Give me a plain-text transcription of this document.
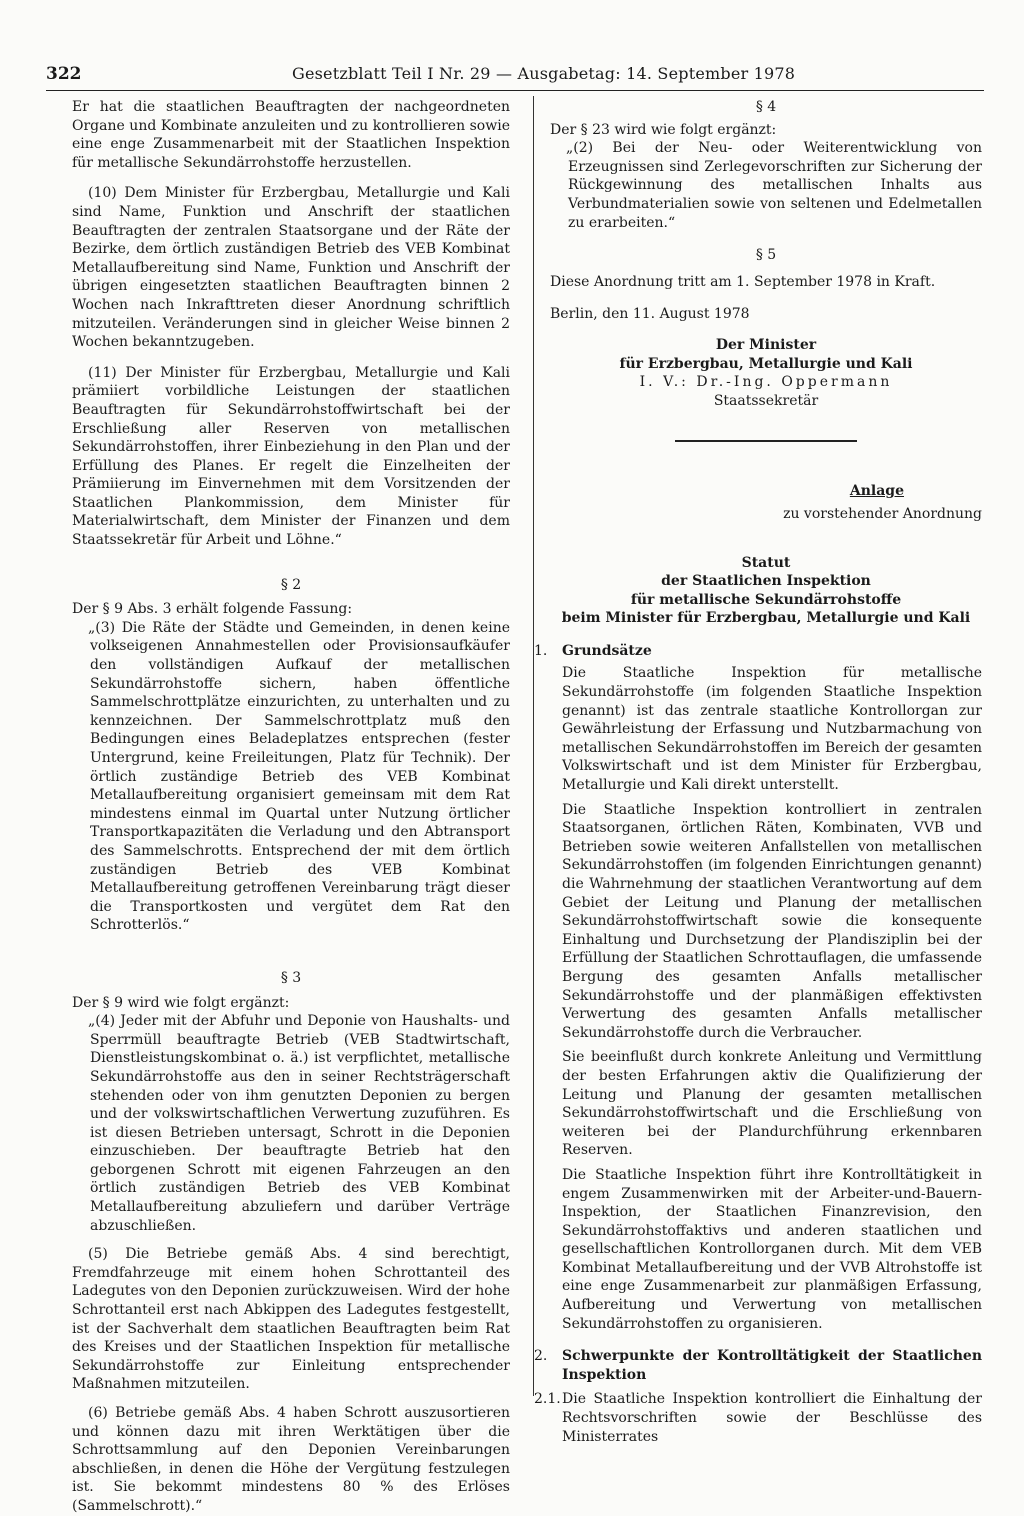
322	Gesetzblatt Teil I Nr. 29 — Ausgabetag: 14. September 1978

Er hat die staatlichen Beauftragten der nachgeordneten Organe und Kombinate anzuleiten und zu kontrollieren sowie eine enge Zusammenarbeit mit der Staatlichen Inspektion für metallische Sekundärrohstoffe herzustellen.

(10) Dem Minister für Erzbergbau, Metallurgie und Kali sind Name, Funktion und Anschrift der staatlichen Beauftragten der zentralen Staatsorgane und der Räte der Bezirke, dem örtlich zuständigen Betrieb des VEB Kombinat Metallaufbereitung sind Name, Funktion und Anschrift der übrigen eingesetzten staatlichen Beauftragten binnen 2 Wochen nach Inkrafttreten dieser Anordnung schriftlich mitzuteilen. Veränderungen sind in gleicher Weise binnen 2 Wochen bekanntzugeben.

(11) Der Minister für Erzbergbau, Metallurgie und Kali prämiiert vorbildliche Leistungen der staatlichen Beauftragten für Sekundärrohstoffwirtschaft bei der Erschließung aller Reserven von metallischen Sekundärrohstoffen, ihrer Einbeziehung in den Plan und der Erfüllung des Planes. Er regelt die Einzelheiten der Prämiierung im Einvernehmen mit dem Vorsitzenden der Staatlichen Plankommission, dem Minister für Materialwirtschaft, dem Minister der Finanzen und dem Staatssekretär für Arbeit und Löhne.“

§ 2

Der § 9 Abs. 3 erhält folgende Fassung:

„(3) Die Räte der Städte und Gemeinden, in denen keine volkseigenen Annahmestellen oder Provisionsaufkäufer den vollständigen Aufkauf der metallischen Sekundärrohstoffe sichern, haben öffentliche Sammelschrottplätze einzurichten, zu unterhalten und zu kennzeichnen. Der Sammelschrottplatz muß den Bedingungen eines Beladeplatzes entsprechen (fester Untergrund, keine Freileitungen, Platz für Technik). Der örtlich zuständige Betrieb des VEB Kombinat Metallaufbereitung organisiert gemeinsam mit dem Rat mindestens einmal im Quartal unter Nutzung örtlicher Transportkapazitäten die Verladung und den Abtransport des Sammelschrotts. Entsprechend der mit dem örtlich zuständigen Betrieb des VEB Kombinat Metallaufbereitung getroffenen Vereinbarung trägt dieser die Transportkosten und vergütet dem Rat den Schrotterlös.“

§ 3

Der § 9 wird wie folgt ergänzt:

„(4) Jeder mit der Abfuhr und Deponie von Haushalts- und Sperrmüll beauftragte Betrieb (VEB Stadtwirtschaft, Dienstleistungskombinat o. ä.) ist verpflichtet, metallische Sekundärrohstoffe aus den in seiner Rechtsträgerschaft stehenden oder von ihm genutzten Deponien zu bergen und der volkswirtschaftlichen Verwertung zuzuführen. Es ist diesen Betrieben untersagt, Schrott in die Deponien einzuschieben. Der beauftragte Betrieb hat den geborgenen Schrott mit eigenen Fahrzeugen an den örtlich zuständigen Betrieb des VEB Kombinat Metallaufbereitung abzuliefern und darüber Verträge abzuschließen.

(5) Die Betriebe gemäß Abs. 4 sind berechtigt, Fremdfahrzeuge mit einem hohen Schrottanteil des Ladegutes von den Deponien zurückzuweisen. Wird der hohe Schrottanteil erst nach Abkippen des Ladegutes festgestellt, ist der Sachverhalt dem staatlichen Beauftragten beim Rat des Kreises und der Staatlichen Inspektion für metallische Sekundärrohstoffe zur Einleitung entsprechender Maßnahmen mitzuteilen.

(6) Betriebe gemäß Abs. 4 haben Schrott auszusortieren und können dazu mit ihren Werktätigen über die Schrottsammlung auf den Deponien Vereinbarungen abschließen, in denen die Höhe der Vergütung festzulegen ist. Sie bekommt mindestens 80 % des Erlöses (Sammelschrott).“

§ 4

Der § 23 wird wie folgt ergänzt:

„(2) Bei der Neu- oder Weiterentwicklung von Erzeugnissen sind Zerlegevorschriften zur Sicherung der Rückgewinnung des metallischen Inhalts aus Verbundmaterialien sowie von seltenen und Edelmetallen zu erarbeiten.“

§ 5

Diese Anordnung tritt am 1. September 1978 in Kraft.

Berlin, den 11. August 1978

Der Minister

für Erzbergbau, Metallurgie und Kali

I. V.: Dr.-Ing. Oppermann

Staatssekretär

Anlage

zu vorstehender Anordnung

Statut

der Staatlichen Inspektion

für metallische Sekundärrohstoffe

beim Minister für Erzbergbau, Metallurgie und Kali

1.	Grundsätze

Die Staatliche Inspektion für metallische Sekundärrohstoffe (im folgenden Staatliche Inspektion genannt) ist das zentrale staatliche Kontrollorgan zur Gewährleistung der Erfassung und Nutzbarmachung von metallischen Sekundärrohstoffen im Bereich der gesamten Volkswirtschaft und ist dem Minister für Erzbergbau, Metallurgie und Kali direkt unterstellt.

Die Staatliche Inspektion kontrolliert in zentralen Staatsorganen, örtlichen Räten, Kombinaten, VVB und Betrieben sowie weiteren Anfallstellen von metallischen Sekundärrohstoffen (im folgenden Einrichtungen genannt) die Wahrnehmung der staatlichen Verantwortung auf dem Gebiet der Leitung und Planung der metallischen Sekundärrohstoffwirtschaft sowie die konsequente Einhaltung und Durchsetzung der Plandisziplin bei der Erfüllung der Staatlichen Schrottauflagen, die umfassende Bergung des gesamten Anfalls metallischer Sekundärrohstoffe und der planmäßigen effektivsten Verwertung des gesamten Anfalls metallischer Sekundärrohstoffe durch die Verbraucher.

Sie beeinflußt durch konkrete Anleitung und Vermittlung der besten Erfahrungen aktiv die Qualifizierung der Leitung und Planung der gesamten metallischen Sekundärrohstoffwirtschaft und die Erschließung von weiteren bei der Plandurchführung erkennbaren Reserven.

Die Staatliche Inspektion führt ihre Kontrolltätigkeit in engem Zusammenwirken mit der Arbeiter-und-Bauern-Inspektion, der Staatlichen Finanzrevision, den Sekundärrohstoffaktivs und anderen staatlichen und gesellschaftlichen Kontrollorganen durch. Mit dem VEB Kombinat Metallaufbereitung und der VVB Altrohstoffe ist eine enge Zusammenarbeit zur planmäßigen Erfassung, Aufbereitung und Verwertung von metallischen Sekundärrohstoffen zu organisieren.

2.	Schwerpunkte der Kontrolltätigkeit der Staatlichen Inspektion
2.1. Die Staatliche Inspektion kontrolliert die Einhaltung der Rechtsvorschriften sowie der Beschlüsse des Ministerrates
